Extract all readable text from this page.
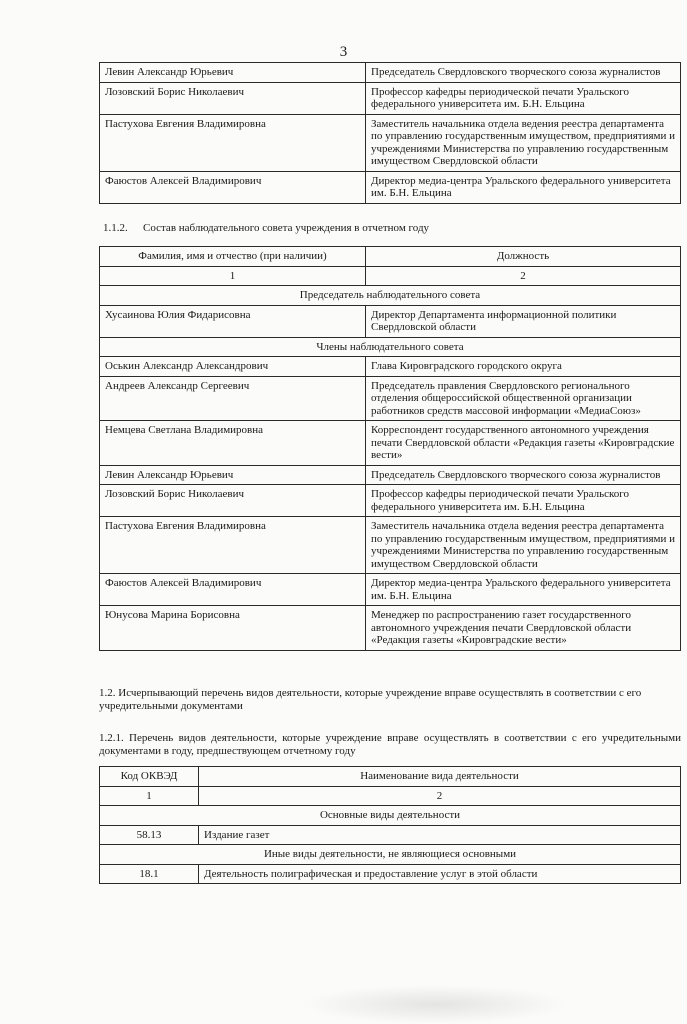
3
Левин Александр Юрьевич	Председатель Свердловского творческого союза журналистов
Лозовский Борис Николаевич	Профессор кафедры периодической печати Уральского федерального университета им. Б.Н. Ельцина
Пастухова Евгения Владимировна	Заместитель начальника отдела ведения реестра департамента по управлению государственным имуществом, предприятиями и учреждениями Министерства по управлению государственным имуществом Свердловской области
Фаюстов Алексей Владимирович	Директор медиа-центра Уральского федерального университета им. Б.Н. Ельцина
1.1.2. Состав наблюдательного совета учреждения в отчетном году
Фамилия, имя и отчество (при наличии)	Должность
1	2
Председатель наблюдательного совета	
Хусаинова Юлия Фидарисовна	Директор Департамента информационной политики Свердловской области
Члены наблюдательного совета	
Оськин Александр Александрович	Глава Кировградского городского округа
Андреев Александр Сергеевич	Председатель правления Свердловского регионального отделения общероссийской общественной организации работников средств массовой информации «МедиаСоюз»
Немцева Светлана Владимировна	Корреспондент государственного автономного учреждения печати Свердловской области «Редакция газеты «Кировградские вести»
Левин Александр Юрьевич	Председатель Свердловского творческого союза журналистов
Лозовский Борис Николаевич	Профессор кафедры периодической печати Уральского федерального университета им. Б.Н. Ельцина
Пастухова Евгения Владимировна	Заместитель начальника отдела ведения реестра департамента по управлению государственным имуществом, предприятиями и учреждениями Министерства по управлению государственным имуществом Свердловской области
Фаюстов Алексей Владимирович	Директор медиа-центра Уральского федерального университета им. Б.Н. Ельцина
Юнусова Марина Борисовна	Менеджер по распространению газет государственного автономного учреждения печати Свердловской области «Редакция газеты «Кировградские вести»
1.2. Исчерпывающий перечень видов деятельности, которые учреждение вправе осуществлять в соответствии с его учредительными документами
1.2.1. Перечень видов деятельности, которые учреждение вправе осуществлять в соответствии с его учредительными документами в году, предшествующем отчетному году
Код ОКВЭД	Наименование вида деятельности
1	2
Основные виды деятельности	
58.13	Издание газет
Иные виды деятельности, не являющиеся основными	
18.1	Деятельность полиграфическая и предоставление услуг в этой области
